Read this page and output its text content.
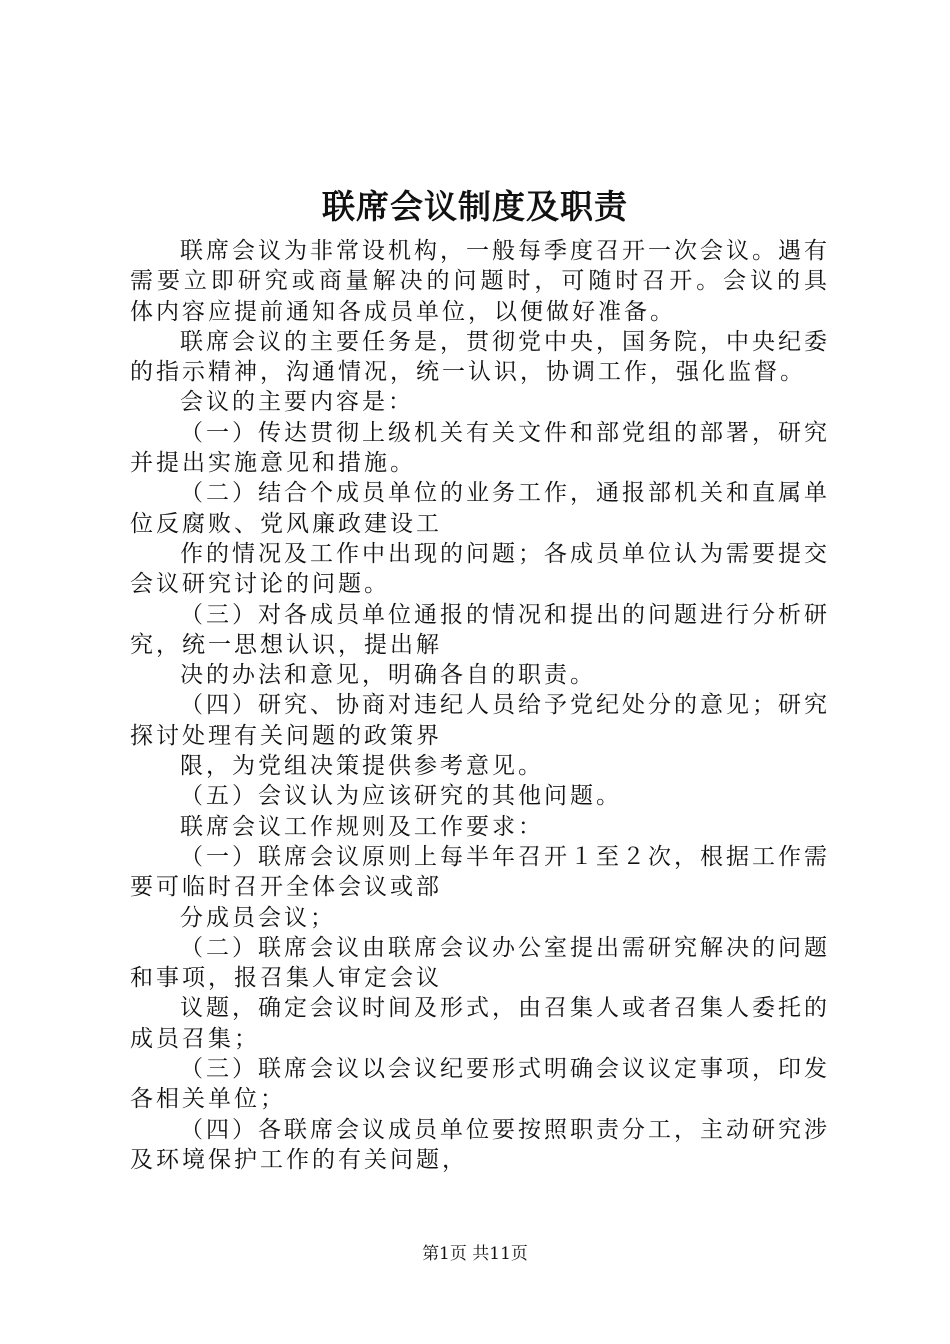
联席会议制度及职责

联席会议为非常设机构，一般每季度召开一次会议。遇有需要立即研究或商量解决的问题时，可随时召开。会议的具体内容应提前通知各成员单位，以便做好准备。

联席会议的主要任务是，贯彻党中央，国务院，中央纪委的指示精神，沟通情况，统一认识，协调工作，强化监督。

会议的主要内容是：

（一）传达贯彻上级机关有关文件和部党组的部署，研究并提出实施意见和措施。

（二）结合个成员单位的业务工作，通报部机关和直属单位反腐败、党风廉政建设工

作的情况及工作中出现的问题；各成员单位认为需要提交会议研究讨论的问题。

（三）对各成员单位通报的情况和提出的问题进行分析研究，统一思想认识，提出解

决的办法和意见，明确各自的职责。

（四）研究、协商对违纪人员给予党纪处分的意见；研究探讨处理有关问题的政策界

限，为党组决策提供参考意见。

（五）会议认为应该研究的其他问题。

联席会议工作规则及工作要求：

（一）联席会议原则上每半年召开１至２次，根据工作需要可临时召开全体会议或部

分成员会议；

（二）联席会议由联席会议办公室提出需研究解决的问题和事项，报召集人审定会议

议题，确定会议时间及形式，由召集人或者召集人委托的成员召集；

（三）联席会议以会议纪要形式明确会议议定事项，印发各相关单位；

（四）各联席会议成员单位要按照职责分工，主动研究涉及环境保护工作的有关问题，

第1页 共11页
